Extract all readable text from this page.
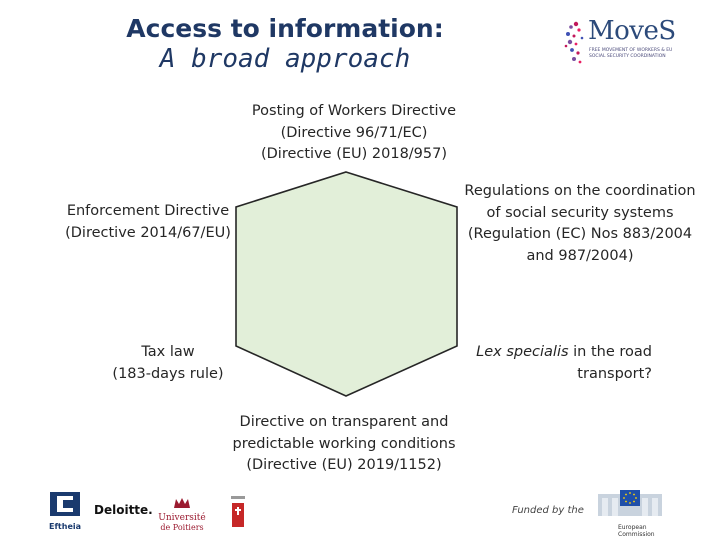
Access to information:
A broad approach
MoveS
FREE MOVEMENT OF WORKERS & EU SOCIAL SECURITY COORDINATION
Posting of Workers Directive
(Directive 96/71/EC)
(Directive (EU) 2018/957)
Enforcement Directive
(Directive 2014/67/EU)
Regulations on the coordination
of social security systems
(Regulation (EC) Nos 883/2004
and 987/2004)
Tax law
(183-days rule)
Lex specialis in the road
transport?
Directive on transparent and
predictable working conditions
(Directive (EU) 2019/1152)
Eftheia
Deloitte.
Université
de Poitiers
Funded by the
European
Commission
